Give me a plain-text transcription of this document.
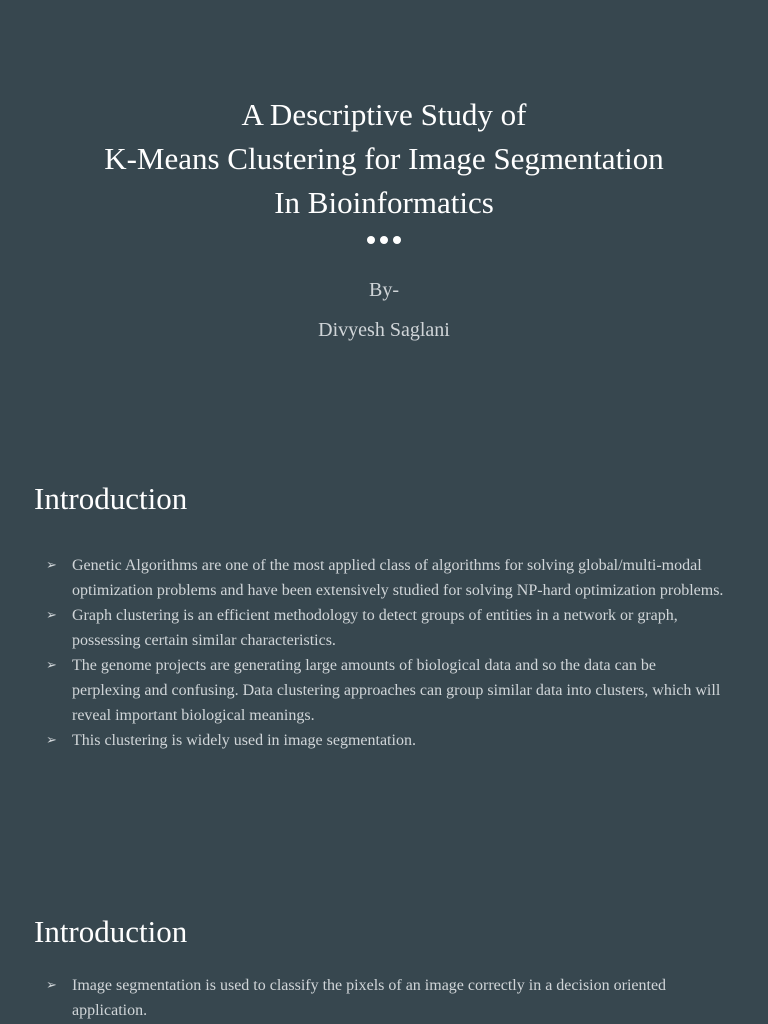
A Descriptive Study of
K-Means Clustering for Image Segmentation
In Bioinformatics
By-
Divyesh Saglani
Introduction
➢ Genetic Algorithms are one of the most applied class of algorithms for solving global/multi-modal optimization problems and have been extensively studied for solving NP-hard optimization problems.
➢ Graph clustering is an efficient methodology to detect groups of entities in a network or graph, possessing certain similar characteristics.
➢ The genome projects are generating large amounts of biological data and so the data can be perplexing and confusing. Data clustering approaches can group similar data into clusters, which will reveal important biological meanings.
➢ This clustering is widely used in image segmentation.
Introduction
➢ Image segmentation is used to classify the pixels of an image correctly in a decision oriented application.
